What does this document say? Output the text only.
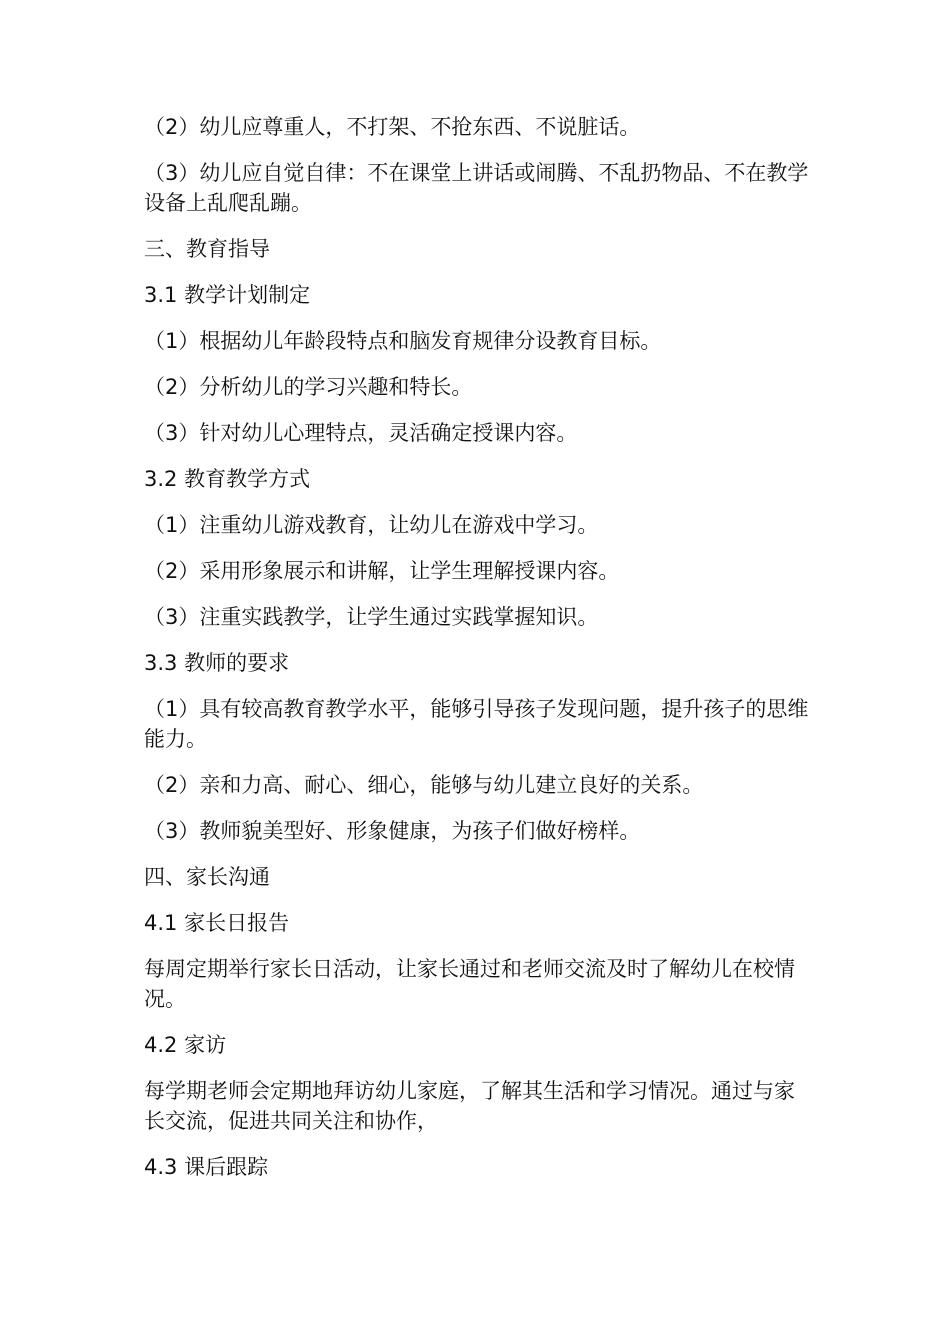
（2）幼儿应尊重人，不打架、不抢东西、不说脏话。

（3）幼儿应自觉自律：不在课堂上讲话或闹腾、不乱扔物品、不在教学设备上乱爬乱蹦。

三、教育指导

3.1 教学计划制定

（1）根据幼儿年龄段特点和脑发育规律分设教育目标。

（2）分析幼儿的学习兴趣和特长。

（3）针对幼儿心理特点，灵活确定授课内容。

3.2 教育教学方式

（1）注重幼儿游戏教育，让幼儿在游戏中学习。

（2）采用形象展示和讲解，让学生理解授课内容。

（3）注重实践教学，让学生通过实践掌握知识。

3.3 教师的要求

（1）具有较高教育教学水平，能够引导孩子发现问题，提升孩子的思维能力。

（2）亲和力高、耐心、细心，能够与幼儿建立良好的关系。

（3）教师貌美型好、形象健康，为孩子们做好榜样。

四、家长沟通

4.1 家长日报告

每周定期举行家长日活动，让家长通过和老师交流及时了解幼儿在校情况。

4.2 家访

每学期老师会定期地拜访幼儿家庭，了解其生活和学习情况。通过与家长交流，促进共同关注和协作，

4.3 课后跟踪
